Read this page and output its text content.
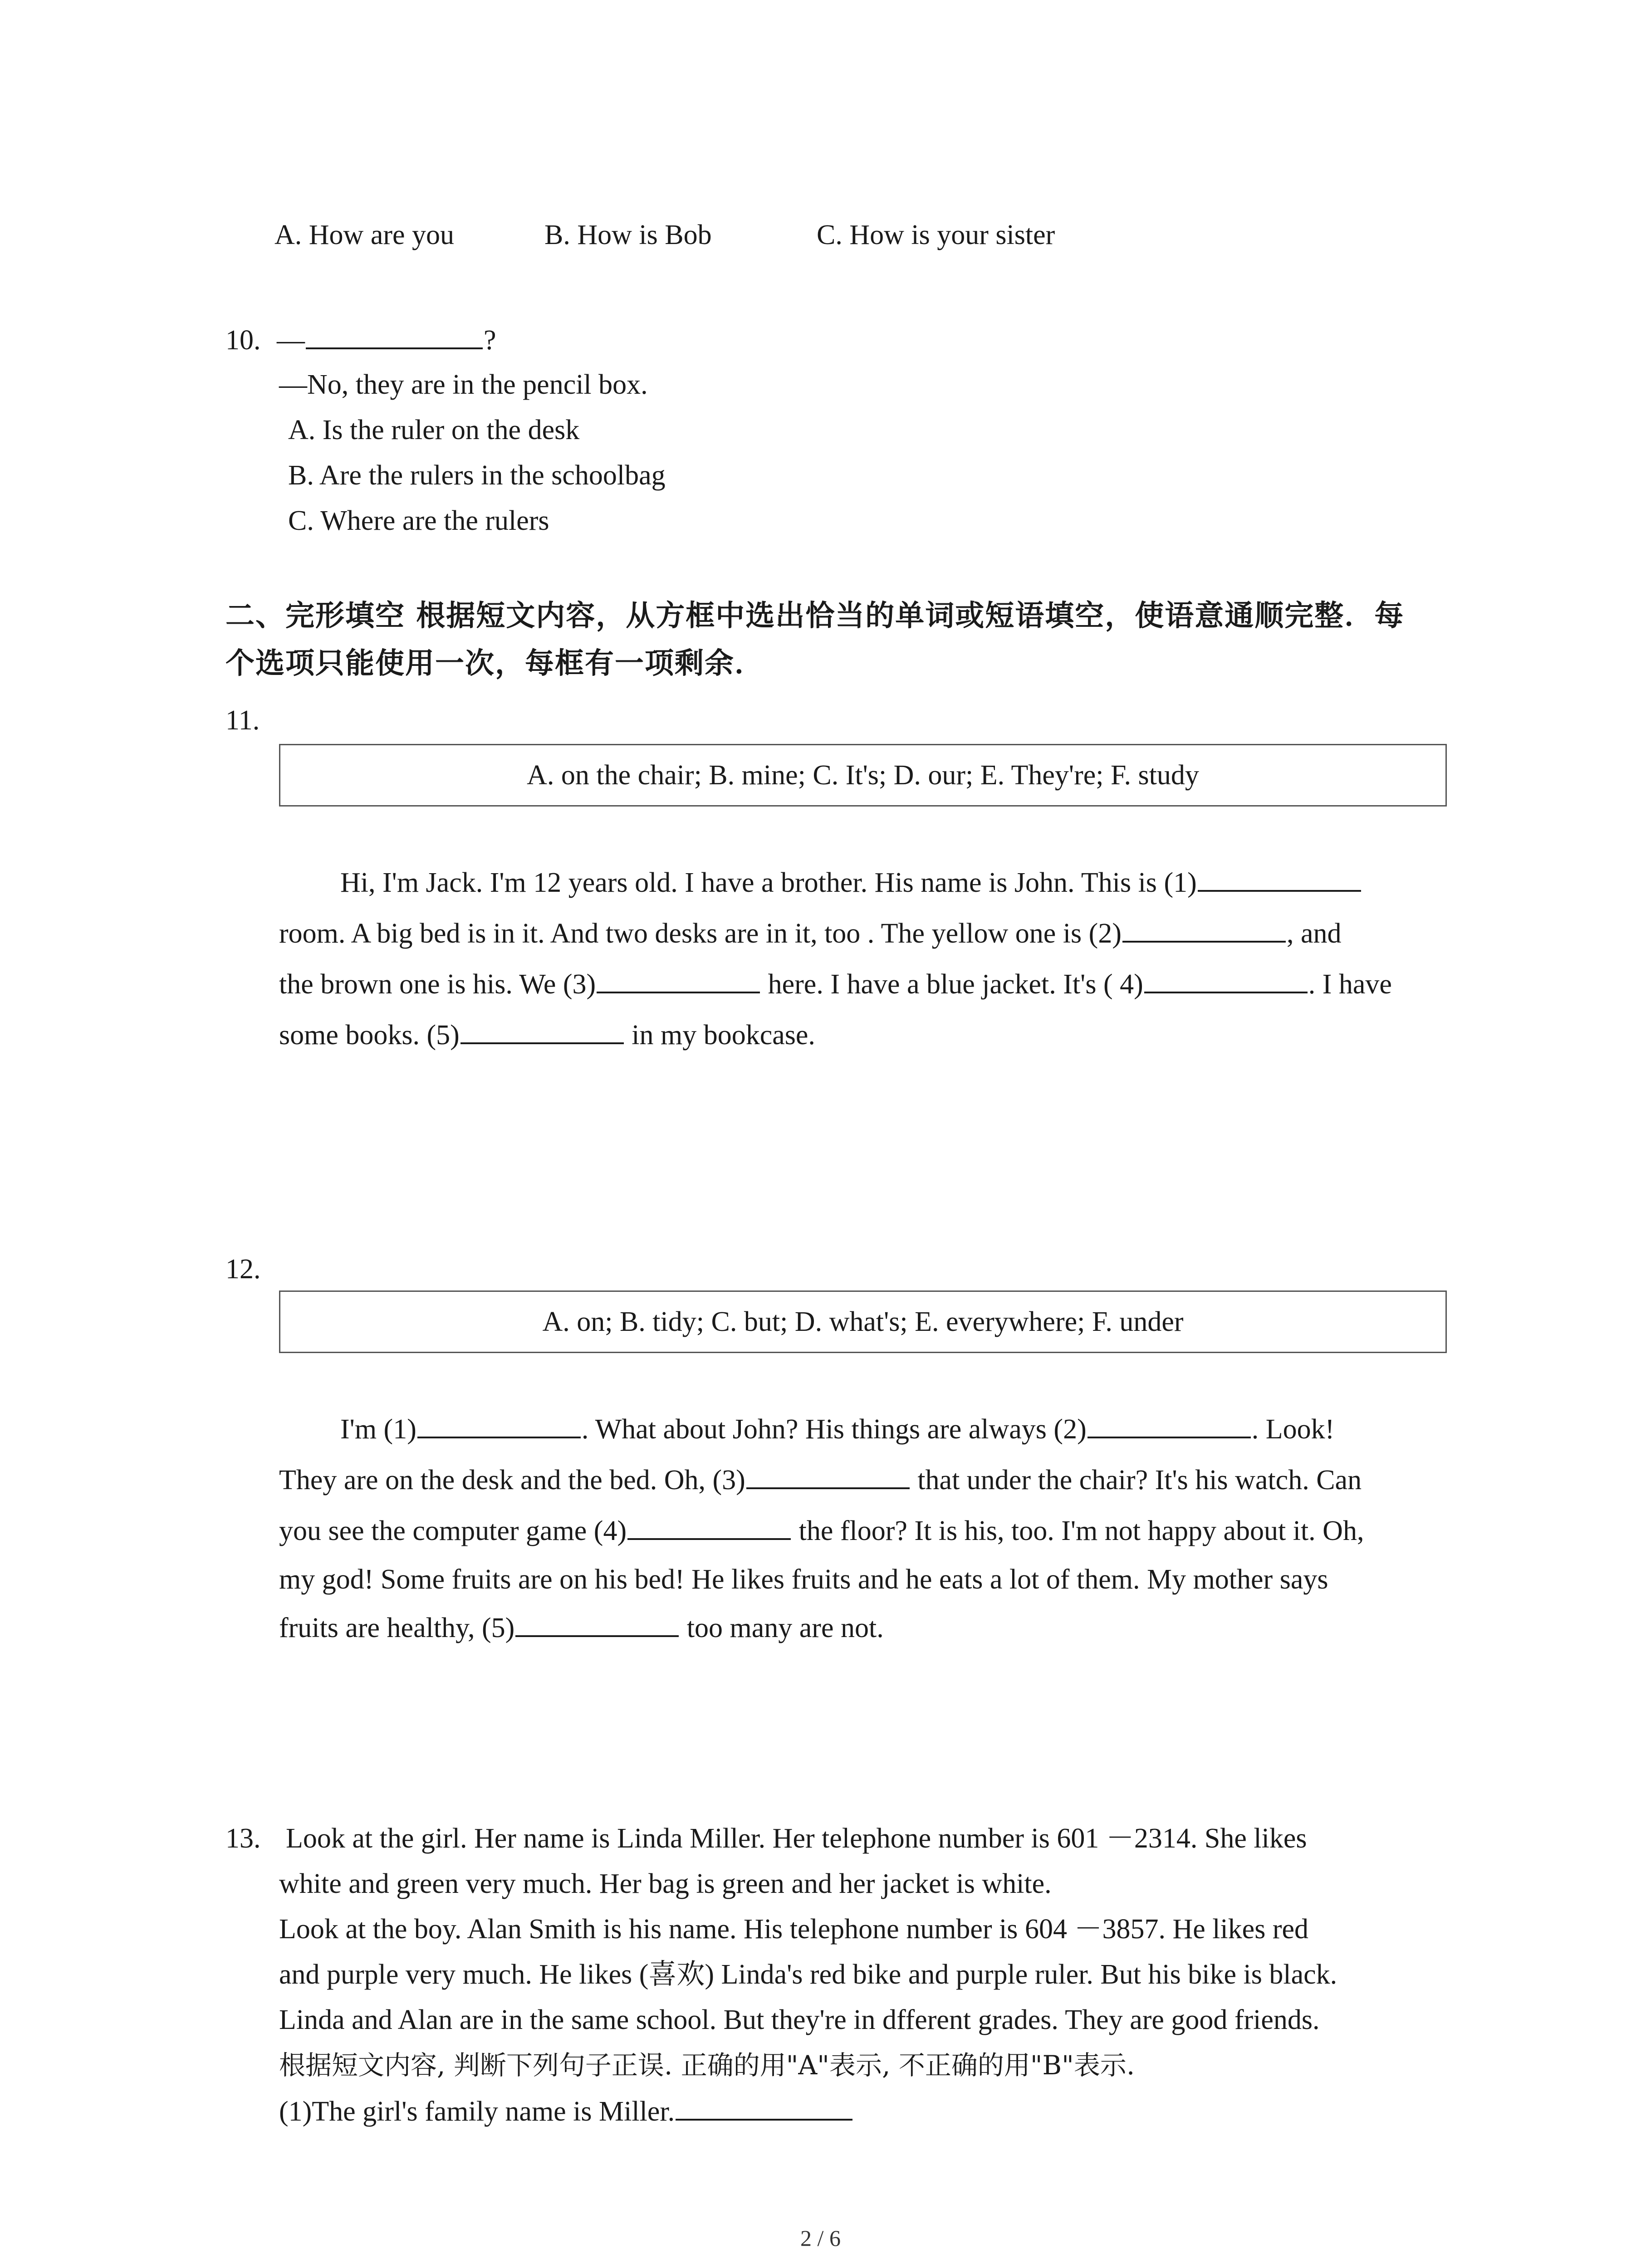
A. How are you	B. How is Bob	C. How is your sister
10. —	?
—No, they are in the pencil box.
A. Is the ruler on the desk
B. Are the rulers in the schoolbag
C. Where are the rulers
二、完形填空 根据短文内容，从方框中选出恰当的单词或短语填空，使语意通顺完整．每
个选项只能使用一次，每框有一项剩余．
11.
A. on the chair; B. mine; C. It's; D. our; E. They're; F. study
Hi, I'm Jack. I'm 12 years old. I have a brother. His name is John. This is (1)
room. A big bed is in it. And two desks are in it, too . The yellow one is (2)	, and
the brown one is his. We (3)	here. I have a blue jacket. It's ( 4)	. I have
some books. (5)	in my bookcase.
12.
A. on; B. tidy; C. but; D. what's; E. everywhere; F. under
I'm (1)	. What about John? His things are always (2)	. Look!
They are on the desk and the bed. Oh, (3)	that under the chair? It's his watch. Can
you see the computer game (4)	the floor? It is his, too. I'm not happy about it. Oh,
my god! Some fruits are on his bed! He likes fruits and he eats a lot of them. My mother says
fruits are healthy, (5)	too many are not.
13. Look at the girl. Her name is Linda Miller. Her telephone number is 601 －2314. She likes
white and green very much. Her bag is green and her jacket is white.
Look at the boy. Alan Smith is his name. His telephone number is 604 －3857. He likes red
and purple very much. He likes (喜欢) Linda's red bike and purple ruler. But his bike is black.
Linda and Alan are in the same school. But they're in dfferent grades. They are good friends.
根据短文内容, 判断下列句子正误. 正确的用"A"表示, 不正确的用"B"表示.
(1)The girl's family name is Miller.
2 / 6
